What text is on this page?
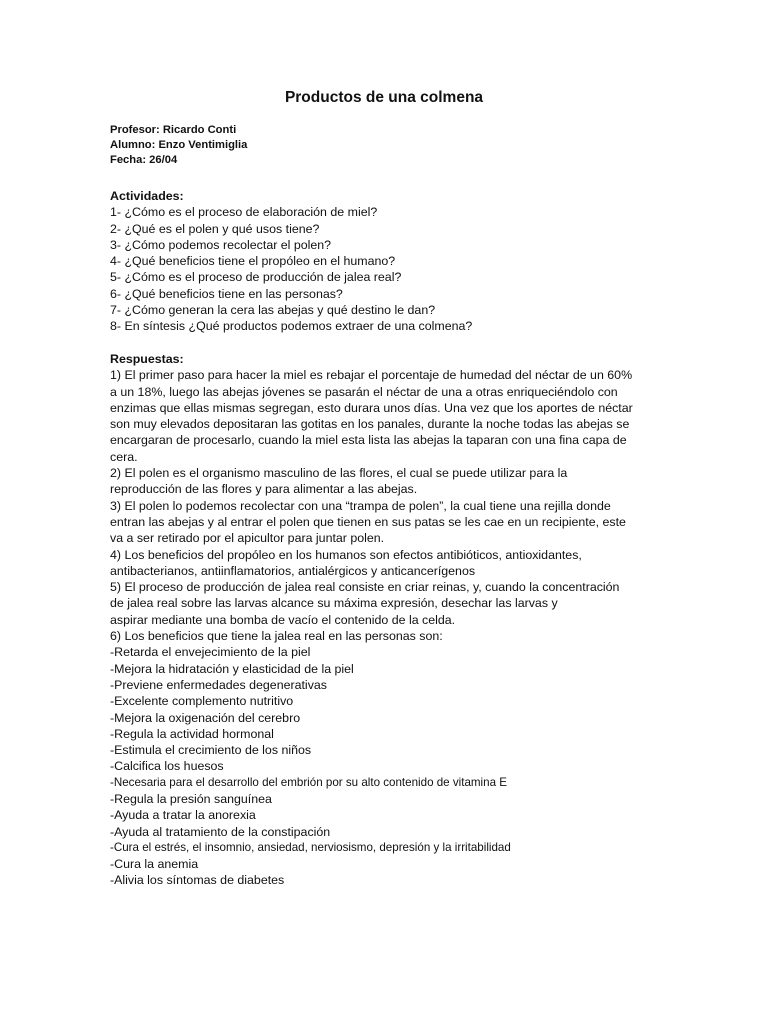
Productos de una colmena
Profesor: Ricardo Conti
Alumno: Enzo Ventimiglia
Fecha: 26/04
Actividades:
1- ¿Cómo es el proceso de elaboración de miel?
2- ¿Qué es el polen y qué usos tiene?
3- ¿Cómo podemos recolectar el polen?
4- ¿Qué beneficios tiene el propóleo en el humano?
5- ¿Cómo es el proceso de producción de jalea real?
6- ¿Qué beneficios tiene en las personas?
7- ¿Cómo generan la cera las abejas y qué destino le dan?
8- En síntesis ¿Qué productos podemos extraer de una colmena?
Respuestas:
1) El primer paso para hacer la miel es rebajar el porcentaje de humedad del néctar de un 60%
a un 18%, luego las abejas jóvenes se pasarán el néctar de una a otras enriqueciéndolo con
enzimas que ellas mismas segregan, esto durara unos días. Una vez que los aportes de néctar
son muy elevados depositaran las gotitas en los panales, durante la noche todas las abejas se
encargaran de procesarlo, cuando la miel esta lista las abejas la taparan con una fina capa de
cera.
2) El polen es el organismo masculino de las flores, el cual se puede utilizar para la
reproducción de las flores y para alimentar a las abejas.
3) El polen lo podemos recolectar con una “trampa de polen”, la cual tiene una rejilla donde
entran las abejas y al entrar el polen que tienen en sus patas se les cae en un recipiente, este
va a ser retirado por el apicultor para juntar polen.
4) Los beneficios del propóleo en los humanos son efectos antibióticos, antioxidantes,
antibacterianos, antiinflamatorios, antialérgicos y anticancerígenos
5) El proceso de producción de jalea real consiste en criar reinas, y, cuando la concentración
de jalea real sobre las larvas alcance su máxima expresión, desechar las larvas y
aspirar mediante una bomba de vacío el contenido de la celda.
6) Los beneficios que tiene la jalea real en las personas son:
-Retarda el envejecimiento de la piel
-Mejora la hidratación y elasticidad de la piel
-Previene enfermedades degenerativas
-Excelente complemento nutritivo
-Mejora la oxigenación del cerebro
-Regula la actividad hormonal
-Estimula el crecimiento de los niños
-Calcifica los huesos
-Necesaria para el desarrollo del embrión por su alto contenido de vitamina E
-Regula la presión sanguínea
-Ayuda a tratar la anorexia
-Ayuda al tratamiento de la constipación
-Cura el estrés, el insomnio, ansiedad, nerviosismo, depresión y la irritabilidad
-Cura la anemia
-Alivia los síntomas de diabetes
